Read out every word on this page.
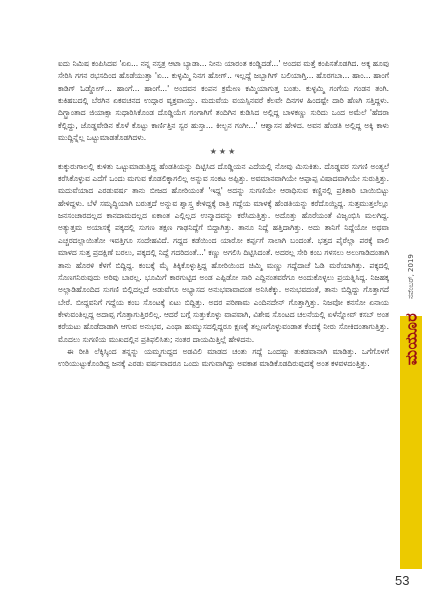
ಐದು ನಿಮಿಷ ಕಂಪಿಸಿದವ 'ಏಏ... ನನ್ನ ನಸ್ತತ್ರ ಆಟಾ ಬ್ಯಾಡಾ... ನೀನು ಯಾರಂತ ಕಂಡ್ಡಿದಡೆ...' ಅಂದವ ಮತ್ತೆ ಕಂಪಿಸತೊಡಗಿದ. ಅಕ್ಕ ಹೂವು ಸೇರಿಸಿ ಗಗನ ರಭಸದಿಂದ ಹೊಡೆಯುತ್ತಾ 'ಏ... ಕುಳ್ಳಮ್ಮಿ ನಿನಗ ಹೋಗ್.. ಇಲ್ಲದ್ದೆ ಜಬ್ಬಾಗಿಗ್ ಬಲಿಯಾಗ್ತಿ... ಹೊರಗಬಾ... ಹಾಂ... ಹಾಂಗೆ ಕಾಡಿಗ್ ಓಡ್ಡೋಗ್... ಹಾಂಗೆ... ಹಾಂಗೆ...' ಅಂದವನ ಕಂಪನ ಕ್ರಮೇಣ ಕಮ್ಮಿಯಾಗುತ್ತ ಬಂತು. ಕುಳ್ಳಮ್ಮಿ ಗಂಗೆಯ ಗಂಡನ ತಂಗಿ. ಕುಕಿಹಬದಲ್ಲಿ ಬೆರಗಿನ ಏಕವಚನದ ಉದ್ಗಾರ ವ್ಯಕ್ತವಾಯ್ತು. ಮದುವೆಯ ವಯಸ್ಸಿನವರೆ ಕೆಲವೇ ದಿನಗಳ ಹಿಂದಷ್ಟೇ ದಾರಿ ಹೆಣಗಿ ಸತ್ತಿದ್ದಳು. ದಿಗ್ಭ್ರಾಂತಾದ ಜಿಯಾಕ್ಸಾ ಸುಧಾರಿಸಿಕೊಂಡ ದೊಡ್ಡಿಯೆಗ ಗಂಗಾಗಿಗೆ ತಂದಿಗಿನ ಕುಡಿಸಿದ ಅಲ್ಲಿದ್ದ ಬಾಳಕಣ್ಣು ಸುರಿದು ಒಂದ ಅಮೆಲೆ 'ಹೆದರಾ ಕೆಲ್ಲಿದ್ದು, ಜೊಡ್ಡವೇಡಿನ ಕೊಳೆ ಕೊಟ್ಟು ಕಾರ್ಣಿತ್ತಿನ ಸ್ವರ ಹುಸ್ತಾ... ಕೀಲ್ಬನ ಗಂಗೀ...' ಆಶ್ವಾಸನ ಹೇಳಿದ. ಅವನ ಹೆಂಡತಿ ಅಲ್ಲಿದ್ದ ಅಕ್ಕಿ ಕಾಳು ಮುದ್ದಿನ್ನೆಲ್ಲ ಒಟ್ಟುಮಾಡತೊಡಗಿದಳು.

★★★

ಕುಕ್ಕುರುಗಾಲಲ್ಲಿ ಕುಳಿತು ಒಟ್ಟುಮಾಡುತ್ತಿದ್ದ ಹೆಂಡತಿಯನ್ನು ದಿಟ್ಟಿಸಿದ ದೊಡ್ಡಿಯನ ಎದೆಯಲ್ಲಿ ನೋವು ಮಿಸುಕಿತು. ದೊಡ್ಡವರ ಸುಗಣಿ ಅಂತ್ಯಲೆ ಕರೆಸಿಕೊಳ್ಳುವ ಎದೆಗೆ ಒಂದು ಮಗುವ ಕೊಡಲಿಕ್ಕಾಗಲಿಲ್ಲ ಅನ್ನುವ ಸಂಕಟ ಅಪ್ಪಿತ್ತು. ಅವಮಾನವಾಗಿಯೇ ಆಪ್ಪಾಪ್ಪ ವಿಷಾದವಾಗಿಯೇ ಸುರುತ್ತಿತ್ತು. ಮದುವೆಯಾದ ಎರಡುವರ್ಷ ತಾನು ಬೀಜದ ಹೋರಿಯಂತೆ 'ಇದ್ದ' ಅದನ್ನು ಸುಗಣಿಯೇ ಆರಾಧಿಸುವ ಕಣ್ಣಿನಲ್ಲಿ ಪ್ರತಿಕಾರಿ ಬಾಯಿಬಿಟ್ಟು ಹೇಳಿದ್ದಳು. ಬೆಳೆ ಸಮೃದ್ಧಿಯಾಗಿ ಬರುತ್ತದೆ ಅನ್ನುವ ಶ್ವಾಸ್ತ್ರ ಕೇಳಿದ್ದಕ್ಕೆ ರಾತ್ರಿ ಗದ್ದೆಯ ಮಾಳಕ್ಕೆ ಹೆಂಡತಿಯನ್ನು ಕರೆದೊಯ್ದಿದ್ದ. ಸುತ್ತಮುತ್ತಲೆಲ್ಲೂ ಜನಸಂಚಾರದಲ್ಲದ ಕಾನದಾಮದಲ್ಲದ ಏಕಾಂತ ಎಲ್ಲಿಲ್ಲದ ಉನ್ಮಾದವನ್ನು ಕರೆಸಿದುತ್ತಿತ್ತು. ಅದೊತ್ತು ಹೊರೆಯಂತೆ ವಿಜೃಂಭಿಸಿ ಮಲಗಿದ್ದ. ಅತ್ಯುತ್ತಮ ಅಯಾಸಕ್ಕೆ ಪಕ್ಕದಲ್ಲಿ ಸುಗಣ ತಕ್ಷಣ ಗಾಢನಿದ್ದೆಗೆ ಬಿದ್ದಾಗಿತ್ತು. ತಾನೂ ನಿದ್ದೆ ಹತ್ತಿದಾಗಿತ್ತು. ಅದು ತಾನಿಗೆ ನಿದ್ದೆಯೋ ಅಥವಾ ಎಚ್ಚರದಲ್ಲಾಯಿತೋ ಇವತ್ತಿಗೂ ಸಂದೇಹವಿದೆ. ಗದ್ದದ ಕಡೆಯಿಂದ ಯಾರೋ ಕರ್ಪ್ಪಗೆ ಸಾಲಾಗಿ ಬಂದಂತೆ. ಭತ್ತದ ಪೈರೆಲ್ಲಾ ಪರಕ್ಕೆ ವಾಲಿ ಮಾಳದ ಸುತ್ತ ಪ್ರದಕ್ಷಿಣೆ ಬರಲು, ಪಕ್ಕದಲ್ಲಿ ನಿದ್ದೆ ಗದರಿದಂತೆ...' ಕಣ್ಣು ಅಗಲಿಸಿ ದಿಟ್ಟಿಸಿದಂತೆ. ಅದರಲ್ಲ ಸೇರಿ ಕಂಬ ಗಳಸಲು ಅಲುಗಾಡಿದಂತಾಗಿ ತಾನು ಹೊರಳಿ ಕೆಳಗೆ ಬಿದ್ದಿದ್ದ. ಕಂಬಕ್ಕೆ ಮೈ ತಿಕ್ಕಿಕೊಳ್ಳುತ್ತಿದ್ದ ಹೋರಿಯಿಂದ ಚಿಮ್ಮಿ ಮಣ್ಣು ಗದ್ದೆದಾಚೆ ಓಡಿ ಮರೆಯಾಗಿತ್ತು. ಪಕ್ಕದಲ್ಲಿ ಸೊಣಗನಿರುವುದು ಅರಿವು ಬಾರಲ್ಲ. ಭೂಮಿಗೆ ಕಾರಗುಟ್ಟಿದ ಅಂಡ ಎಪ್ಪಿಡೋ ಸಾರಿ ಎದ್ದಿನಂತವರೆಗೂ ಅಂದುಕೊಳ್ಳಲು ಪ್ರಯತ್ನಿಸಿದ್ದ. ನಿಜಹಕ್ಕ ಅಲ್ಲಾಡಿಹೊಂದಿದ ಸುಗಣಿ ಬಿಲ್ಲಿದಲ್ಲದೆ ಅಡುವೆಗೂ ಅಭ್ಯಾಸದ ಅನುಭವಾವಾದಂತ ಅನಿಸಿಕೆಕ್ಕು. ಅನುಭವದಂತೆ, ತಾನು ಬಿದ್ದಿದ್ದು ಗೊತ್ತಾಗದೆ ಬೇರೆ. ಬೀದ್ದವನಿಗೆ ಗದ್ದೆಯ ಕಂಬ ಸೊಂಟಕ್ಕೆ ಏಟು ಬಿದ್ದಿತ್ತು. ಅದರ ಪರಿಣಾಮ ಎಂದಿನದೇನ್ ಗೊತ್ತಾಗ್ತಿತ್ತು. ನಿಜವೋ ಕನಸೋ ಏನಾಯ ಕೇಳುವಂತಿಲ್ಲದ್ದ ಅದಾವ್ಸ ಗೊತ್ತಾಗುತ್ತಿರಲಿಲ್ಲ. ಆದರೆ ಬಗ್ಗೆ ಸುತ್ತುಕೊಳ್ಳು ವಾಪವಾಗಿ, ವಿಶೇಷ ಸೊಂಟದ ಚಲನೆಯಲ್ಲಿ ಏಳೆನ್ನೋವ್ ಕಸಬ್ ಅಂತ ಕರೆಯಟು ಹೊಡೆದಾಡಾಗಿ ಆಗುವ ಅನುಭವ, ಎಂಥಾ ಹುಮ್ಮುಸದಲ್ಲಿದ್ದರೂ ಕ್ಷಣಕ್ಕೆ ತಲ್ಲಣಗೊಳ್ಳುವಂಡಾತ ಕೆಂದಕ್ಕೆ ನೀರು ಸೋಕಿದಂತಾಗುತ್ತಿತ್ತು. ಮೊದಲು ಸುಗಣಿಯ ಮುಖದಲ್ಲಿನ ಪ್ರತಿಫಲಿಸಿತು; ನಂತರ ದಾಯಮಿತ್ತಿಲ್ಲೆ ಹೇಳಿದನು.

ಈ ರೀತಿ ಲೆಕ್ಕಿಸ್ಕಿಂದ ತನ್ನನ್ನು ಯಮ್ಮಗುದ್ದದ ಅಡವಿಲಿ ಮಾಡದ ಚಂತು ಗದ್ದೆ ಒಂದಷ್ಟು ತುಕಡವಾನಾಗಿ ಮಾಡಿತ್ತು. ಒಗೆಗೊಳಗೆ ಉರಿಯುಟ್ಟುಕೊಂಡಿದ್ದ ಜನಕ್ಕೆ ಎರಡು ವರ್ಷವಾದರೂ ಒಂದು ಮಗುವಾಗಿದ್ದು ಅವಕಾಶ ಮಾಡಿಕೊಡದಿರುವುದಕ್ಕೆ ಅಂತ ಕಳವಳದಂತ್ತಿತ್ತು.	ಮಯೂರ
ನವೆಂಬರ್, 2019
53
